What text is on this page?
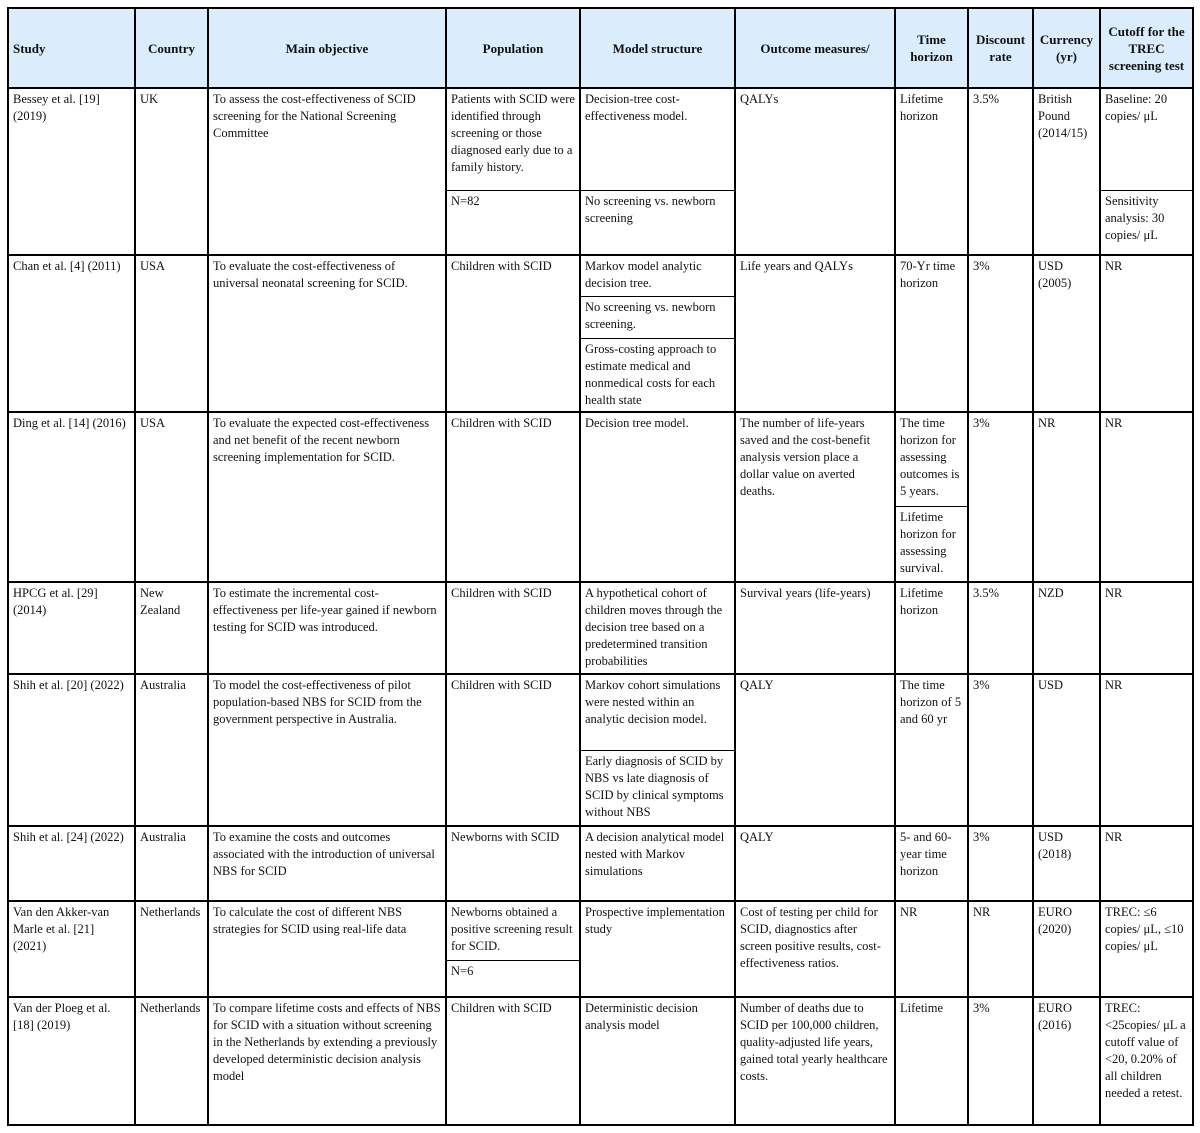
Study	Country	Main objective	Population	Model structure	Outcome measures/	Time horizon	Discount rate	Currency (yr)	Cutoff for the TREC screening test
Bessey et al. [19] (2019)	UK	To assess the cost-effectiveness of SCID screening for the National Screening Committee	Patients with SCID were identified through screening or those diagnosed early due to a family history.	Decision-tree cost-effectiveness model.	QALYs	Lifetime horizon	3.5%	British Pound (2014/15)	Baseline: 20 copies/ μL
			N=82	No screening vs. newborn screening					Sensitivity analysis: 30 copies/ μL
Chan et al. [4] (2011)	USA	To evaluate the cost-effectiveness of universal neonatal screening for SCID.	Children with SCID	Markov model analytic decision tree.	Life years and QALYs	70-Yr time horizon	3%	USD (2005)	NR
				No screening vs. newborn screening.					
				Gross-costing approach to estimate medical and nonmedical costs for each health state					
Ding et al. [14] (2016)	USA	To evaluate the expected cost-effectiveness and net benefit of the recent newborn screening implementation for SCID.	Children with SCID	Decision tree model.	The number of life-years saved and the cost-benefit analysis version place a dollar value on averted deaths.	The time horizon for assessing outcomes is 5 years.	3%	NR	NR
						Lifetime horizon for assessing survival.			
HPCG et al. [29] (2014)	New Zealand	To estimate the incremental cost-effectiveness per life-year gained if newborn testing for SCID was introduced.	Children with SCID	A hypothetical cohort of children moves through the decision tree based on a predetermined transition probabilities	Survival years (life-years)	Lifetime horizon	3.5%	NZD	NR
Shih et al. [20] (2022)	Australia	To model the cost-effectiveness of pilot population-based NBS for SCID from the government perspective in Australia.	Children with SCID	Markov cohort simulations were nested within an analytic decision model.	QALY	The time horizon of 5 and 60 yr	3%	USD	NR
				Early diagnosis of SCID by NBS vs late diagnosis of SCID by clinical symptoms without NBS					
Shih et al. [24] (2022)	Australia	To examine the costs and outcomes associated with the introduction of universal NBS for SCID	Newborns with SCID	A decision analytical model nested with Markov simulations	QALY	5- and 60-year time horizon	3%	USD (2018)	NR
Van den Akker-van Marle et al. [21] (2021)	Netherlands	To calculate the cost of different NBS strategies for SCID using real-life data	Newborns obtained a positive screening result for SCID.	Prospective implementation study	Cost of testing per child for SCID, diagnostics after screen positive results, cost-effectiveness ratios.	NR	NR	EURO (2020)	TREC: ≤6 copies/ μL, ≤10 copies/ μL
			N=6						
Van der Ploeg et al. [18] (2019)	Netherlands	To compare lifetime costs and effects of NBS for SCID with a situation without screening in the Netherlands by extending a previously developed deterministic decision analysis model	Children with SCID	Deterministic decision analysis model	Number of deaths due to SCID per 100,000 children, quality-adjusted life years, gained total yearly healthcare costs.	Lifetime	3%	EURO (2016)	TREC: <25copies/ μL a cutoff value of <20, 0.20% of all children needed a retest.
